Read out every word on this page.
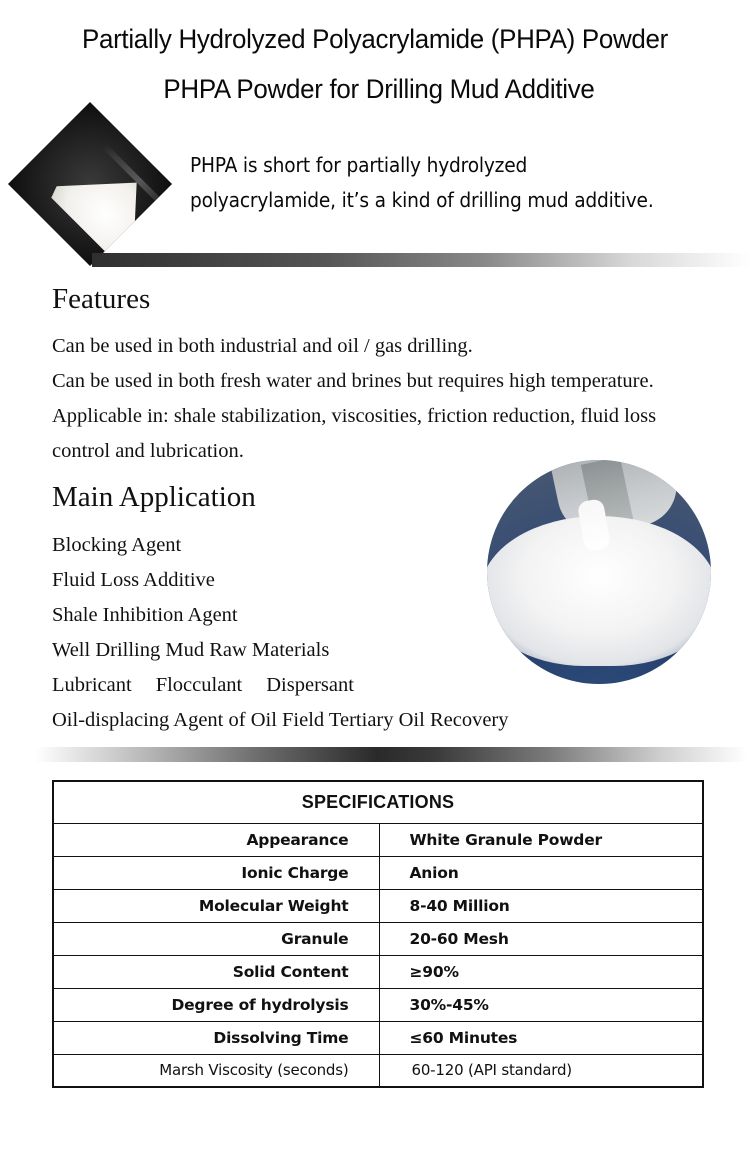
Partially Hydrolyzed Polyacrylamide (PHPA) Powder
PHPA Powder for Drilling Mud Additive
PHPA is short for partially hydrolyzed
polyacrylamide, it’s a kind of drilling mud additive.
Features

Can be used in both industrial and oil / gas drilling.

Can be used in both fresh water and brines but requires high temperature.

Applicable in: shale stabilization, viscosities, friction reduction, fluid loss

control and lubrication.

Main Application

Blocking Agent

Fluid Loss Additive

Shale Inhibition Agent

Well Drilling Mud Raw Materials

Lubricant Flocculant Dispersant

Oil-displacing Agent of Oil Field Tertiary Oil Recovery

SPECIFICATIONS	
Appearance	White Granule Powder
Ionic Charge	Anion
Molecular Weight	8-40 Million
Granule	20-60 Mesh
Solid Content	≥90%
Degree of hydrolysis	30%-45%
Dissolving Time	≤60 Minutes
Marsh Viscosity (seconds)	60-120 (API standard)
